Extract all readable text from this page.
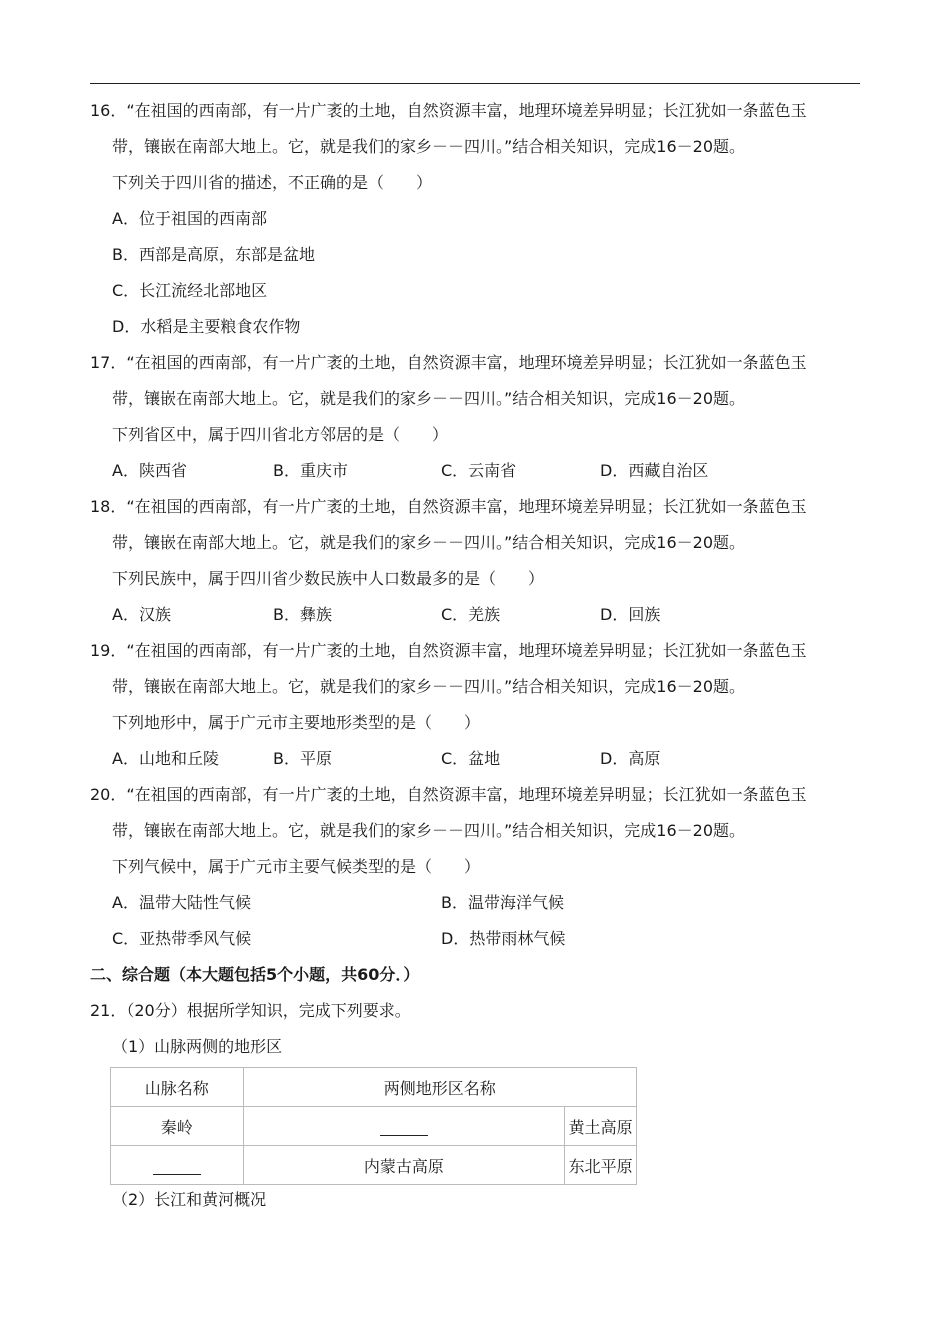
16．“在祖国的西南部，有一片广袤的土地，自然资源丰富，地理环境差异明显；长江犹如一条蓝色玉
带，镶嵌在南部大地上。它，就是我们的家乡－－四川。”结合相关知识，完成16－20题。
下列关于四川省的描述，不正确的是（　　）
A．位于祖国的西南部
B．西部是高原，东部是盆地
C．长江流经北部地区
D．水稻是主要粮食农作物
17．“在祖国的西南部，有一片广袤的土地，自然资源丰富，地理环境差异明显；长江犹如一条蓝色玉
带，镶嵌在南部大地上。它，就是我们的家乡－－四川。”结合相关知识，完成16－20题。
下列省区中，属于四川省北方邻居的是（　　）
A．陕西省	B．重庆市	C．云南省	D．西藏自治区
18．“在祖国的西南部，有一片广袤的土地，自然资源丰富，地理环境差异明显；长江犹如一条蓝色玉
带，镶嵌在南部大地上。它，就是我们的家乡－－四川。”结合相关知识，完成16－20题。
下列民族中，属于四川省少数民族中人口数最多的是（　　）
A．汉族	B．彝族	C．羌族	D．回族
19．“在祖国的西南部，有一片广袤的土地，自然资源丰富，地理环境差异明显；长江犹如一条蓝色玉
带，镶嵌在南部大地上。它，就是我们的家乡－－四川。”结合相关知识，完成16－20题。
下列地形中，属于广元市主要地形类型的是（　　）
A．山地和丘陵	B．平原	C．盆地	D．高原
20．“在祖国的西南部，有一片广袤的土地，自然资源丰富，地理环境差异明显；长江犹如一条蓝色玉
带，镶嵌在南部大地上。它，就是我们的家乡－－四川。”结合相关知识，完成16－20题。
下列气候中，属于广元市主要气候类型的是（　　）
A．温带大陆性气候	B．温带海洋气候
C．亚热带季风气候	D．热带雨林气候
二、综合题（本大题包括5个小题，共60分．）
21．（20分）根据所学知识，完成下列要求。
（1）山脉两侧的地形区
山脉名称	两侧地形区名称	
秦岭		黄土高原
	内蒙古高原	东北平原
（2）长江和黄河概况
